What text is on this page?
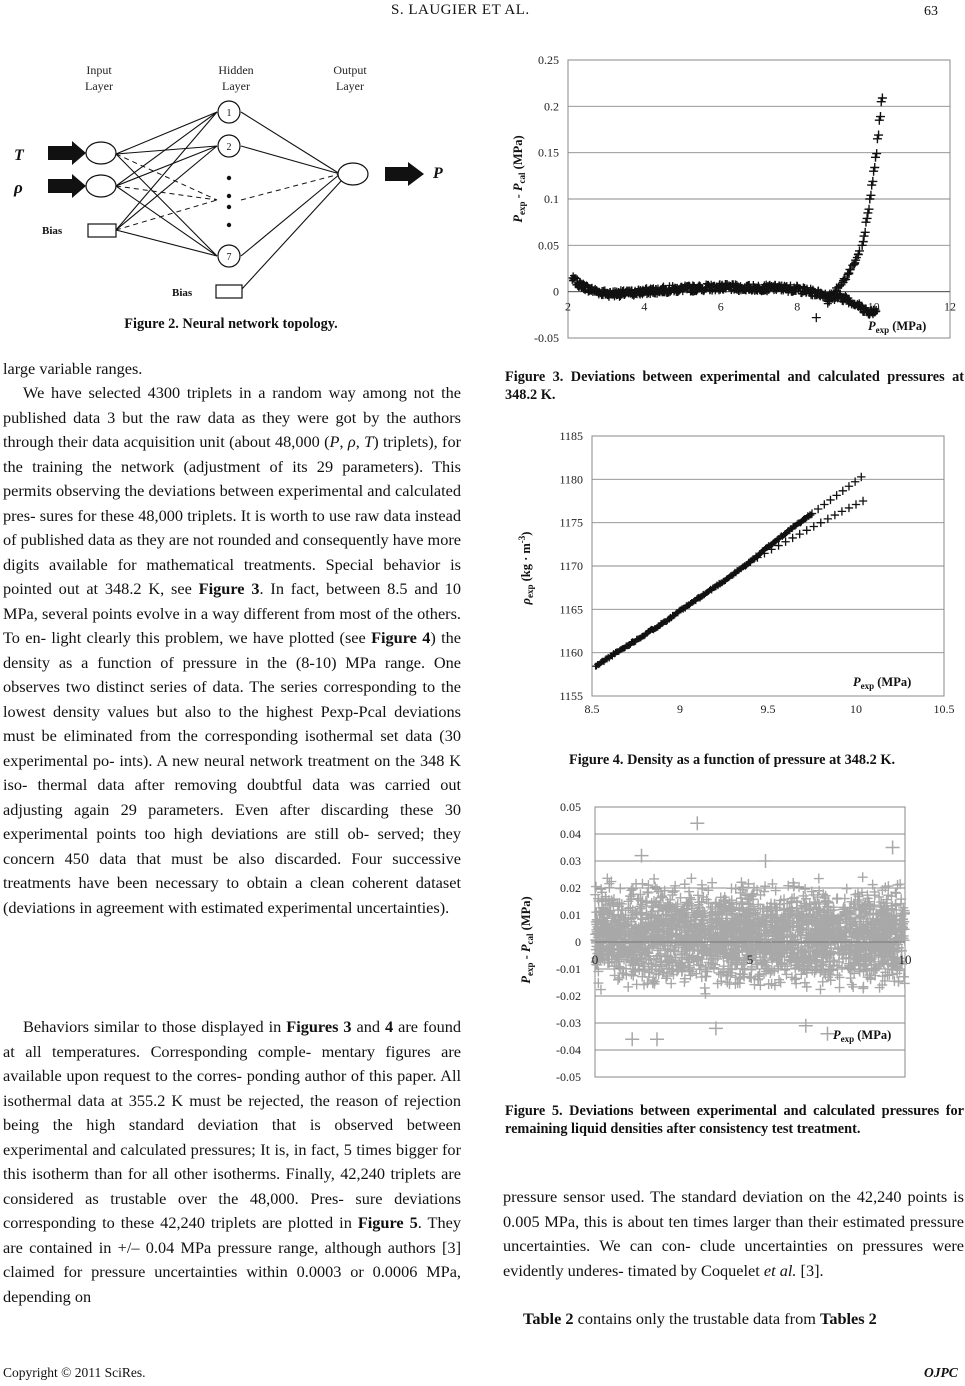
S. LAUGIER ET AL.	63
Input
Layer
Hidden
Layer
Output
Layer
1
2
7
T
ρ
P
Bias
Bias
Figure 2. Neural network topology.

large variable ranges.

We have selected 4300 triplets in a random way among not the published data 3 but the raw data as they were got by the authors through their data acquisition unit (about 48,000 (P, ρ, T) triplets), for the training the network (adjustment of its 29 parameters). This permits observing the deviations between experimental and calculated pres- sures for these 48,000 triplets. It is worth to use raw data instead of published data as they are not rounded and consequently have more digits available for mathematical treatments. Special behavior is pointed out at 348.2 K, see Figure 3. In fact, between 8.5 and 10 MPa, several points evolve in a way different from most of the others. To en- light clearly this problem, we have plotted (see Figure 4) the density as a function of pressure in the (8-10) MPa range. One observes two distinct series of data. The series corresponding to the lowest density values but also to the highest Pexp-Pcal deviations must be eliminated from the corresponding isothermal set data (30 experimental po- ints). A new neural network treatment on the 348 K iso- thermal data after removing doubtful data was carried out adjusting again 29 parameters. Even after discarding these 30 experimental points too high deviations are still ob- served; they concern 450 data that must be also discarded. Four successive treatments have been necessary to obtain a clean coherent dataset (deviations in agreement with estimated experimental uncertainties).

Behaviors similar to those displayed in Figures 3 and 4 are found at all temperatures. Corresponding comple- mentary figures are available upon request to the corres- ponding author of this paper. All isothermal data at 355.2 K must be rejected, the reason of rejection being the high standard deviation that is observed between experimental and calculated pressures; It is, in fact, 5 times bigger for this isotherm than for all other isotherms. Finally, 42,240 triplets are considered as trustable over the 48,000. Pres- sure deviations corresponding to these 42,240 triplets are plotted in Figure 5. They are contained in +/– 0.04 MPa pressure range, although authors [3] claimed for pressure uncertainties within 0.0003 or 0.0006 MPa, depending on

-0.05
0
0.05
0.1
0.15
0.2
0.25
2	4	6	8	10	12
$P_{exp} - P_{cal}$ (MPa)
$P_{exp}$ (MPa)
Figure 3. Deviations between experimental and calculated pressures at 348.2 K.
1155
1160
1165
1170
1175
1180
1185
8.5	9	9.5	10	10.5
$\rho_{exp}$ $(kg \cdot m^{-3})$
$P_{exp}$ (MPa)
Figure 4. Density as a function of pressure at 348.2 K.
-0.05
-0.04
-0.03
-0.02
-0.01
0
0.01
0.02
0.03
0.04
0.05
0	5	10
$P_{exp} - P_{cal}$ (MPa)
$P_{exp}$ (MPa)
Figure 5. Deviations between experimental and calculated pressures for remaining liquid densities after consistency test treatment.

pressure sensor used. The standard deviation on the 42,240 points is 0.005 MPa, this is about ten times larger than their estimated pressure uncertainties. We can con- clude uncertainties on pressures were evidently underes- timated by Coquelet et al. [3].

Table 2 contains only the trustable data from Tables 2

Copyright © 2011 SciRes.	OJPC
